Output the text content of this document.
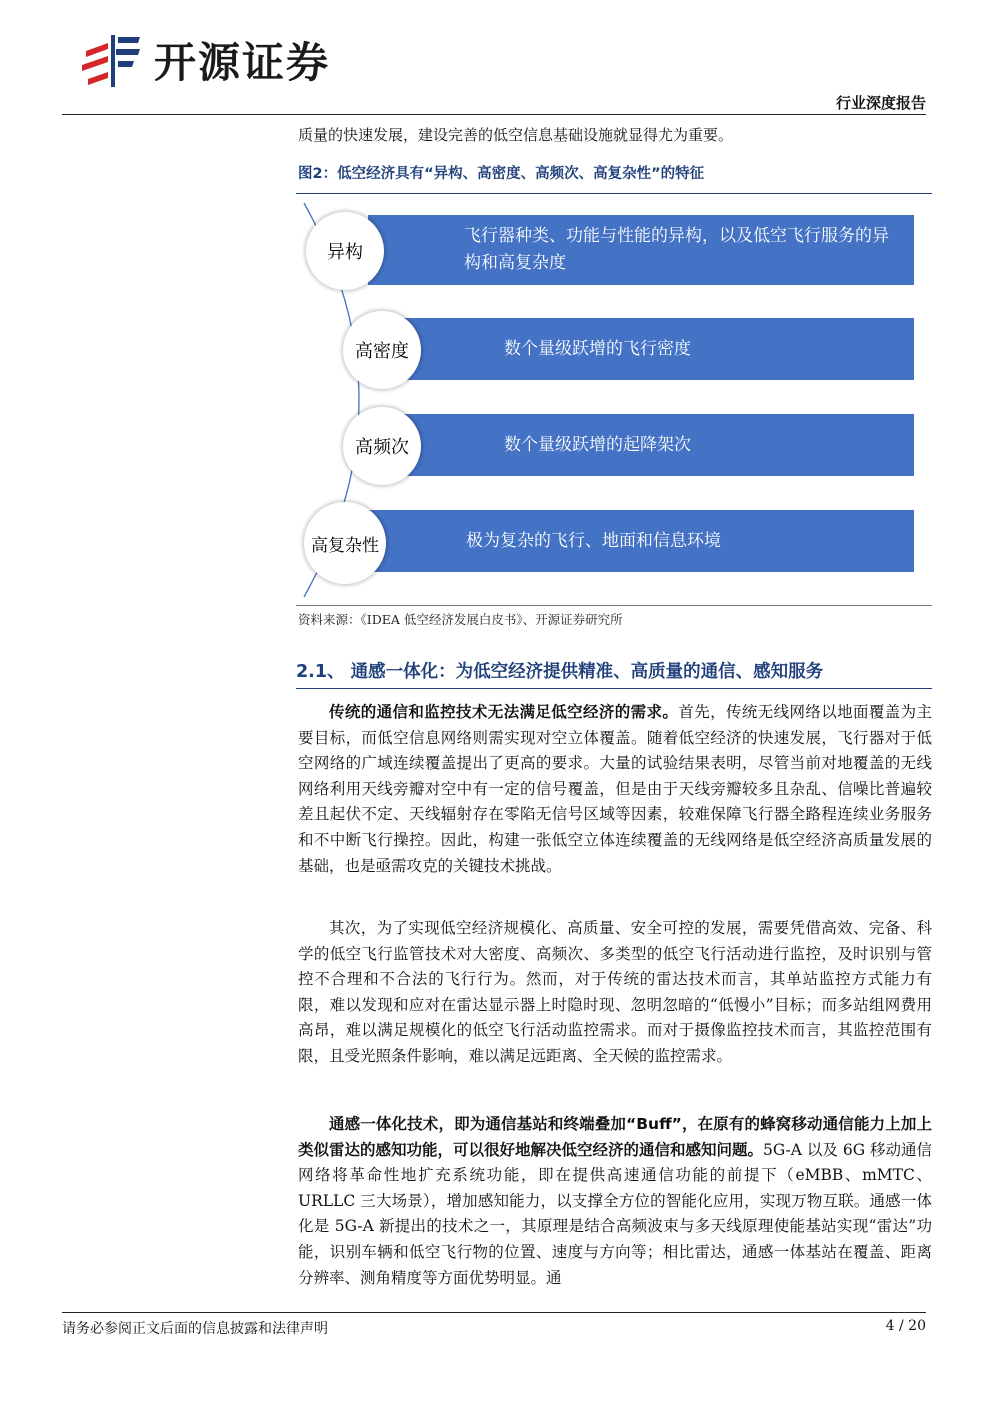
开源证券
行业深度报告

质量的快速发展，建设完善的低空信息基础设施就显得尤为重要。

图2：低空经济具有“异构、高密度、高频次、高复杂性”的特征
飞行器种类、功能与性能的异构，以及低空飞行服务的异构和高复杂度
数个量级跃增的飞行密度
数个量级跃增的起降架次
极为复杂的飞行、地面和信息环境
异构
高密度
高频次
高复杂性
资料来源：《IDEA 低空经济发展白皮书》、开源证券研究所
2.1、 通感一体化：为低空经济提供精准、高质量的通信、感知服务

传统的通信和监控技术无法满足低空经济的需求。首先，传统无线网络以地面覆盖为主要目标，而低空信息网络则需实现对空立体覆盖。随着低空经济的快速发展，飞行器对于低空网络的广域连续覆盖提出了更高的要求。大量的试验结果表明，尽管当前对地覆盖的无线网络利用天线旁瓣对空中有一定的信号覆盖，但是由于天线旁瓣较多且杂乱、信噪比普遍较差且起伏不定、天线辐射存在零陷无信号区域等因素，较难保障飞行器全路程连续业务服务和不中断飞行操控。因此，构建一张低空立体连续覆盖的无线网络是低空经济高质量发展的基础，也是亟需攻克的关键技术挑战。

其次，为了实现低空经济规模化、高质量、安全可控的发展，需要凭借高效、完备、科学的低空飞行监管技术对大密度、高频次、多类型的低空飞行活动进行监控，及时识别与管控不合理和不合法的飞行行为。然而，对于传统的雷达技术而言，其单站监控方式能力有限，难以发现和应对在雷达显示器上时隐时现、忽明忽暗的“低慢小”目标；而多站组网费用高昂，难以满足规模化的低空飞行活动监控需求。而对于摄像监控技术而言，其监控范围有限，且受光照条件影响，难以满足远距离、全天候的监控需求。

通感一体化技术，即为通信基站和终端叠加“Buff”，在原有的蜂窝移动通信能力上加上类似雷达的感知功能，可以很好地解决低空经济的通信和感知问题。5G-A 以及 6G 移动通信网络将革命性地扩充系统功能，即在提供高速通信功能的前提下（eMBB、mMTC、URLLC 三大场景），增加感知能力，以支撑全方位的智能化应用，实现万物互联。通感一体化是 5G-A 新提出的技术之一，其原理是结合高频波束与多天线原理使能基站实现“雷达”功能，识别车辆和低空飞行物的位置、速度与方向等；相比雷达，通感一体基站在覆盖、距离分辨率、测角精度等方面优势明显。通

请务必参阅正文后面的信息披露和法律声明	4 / 20
